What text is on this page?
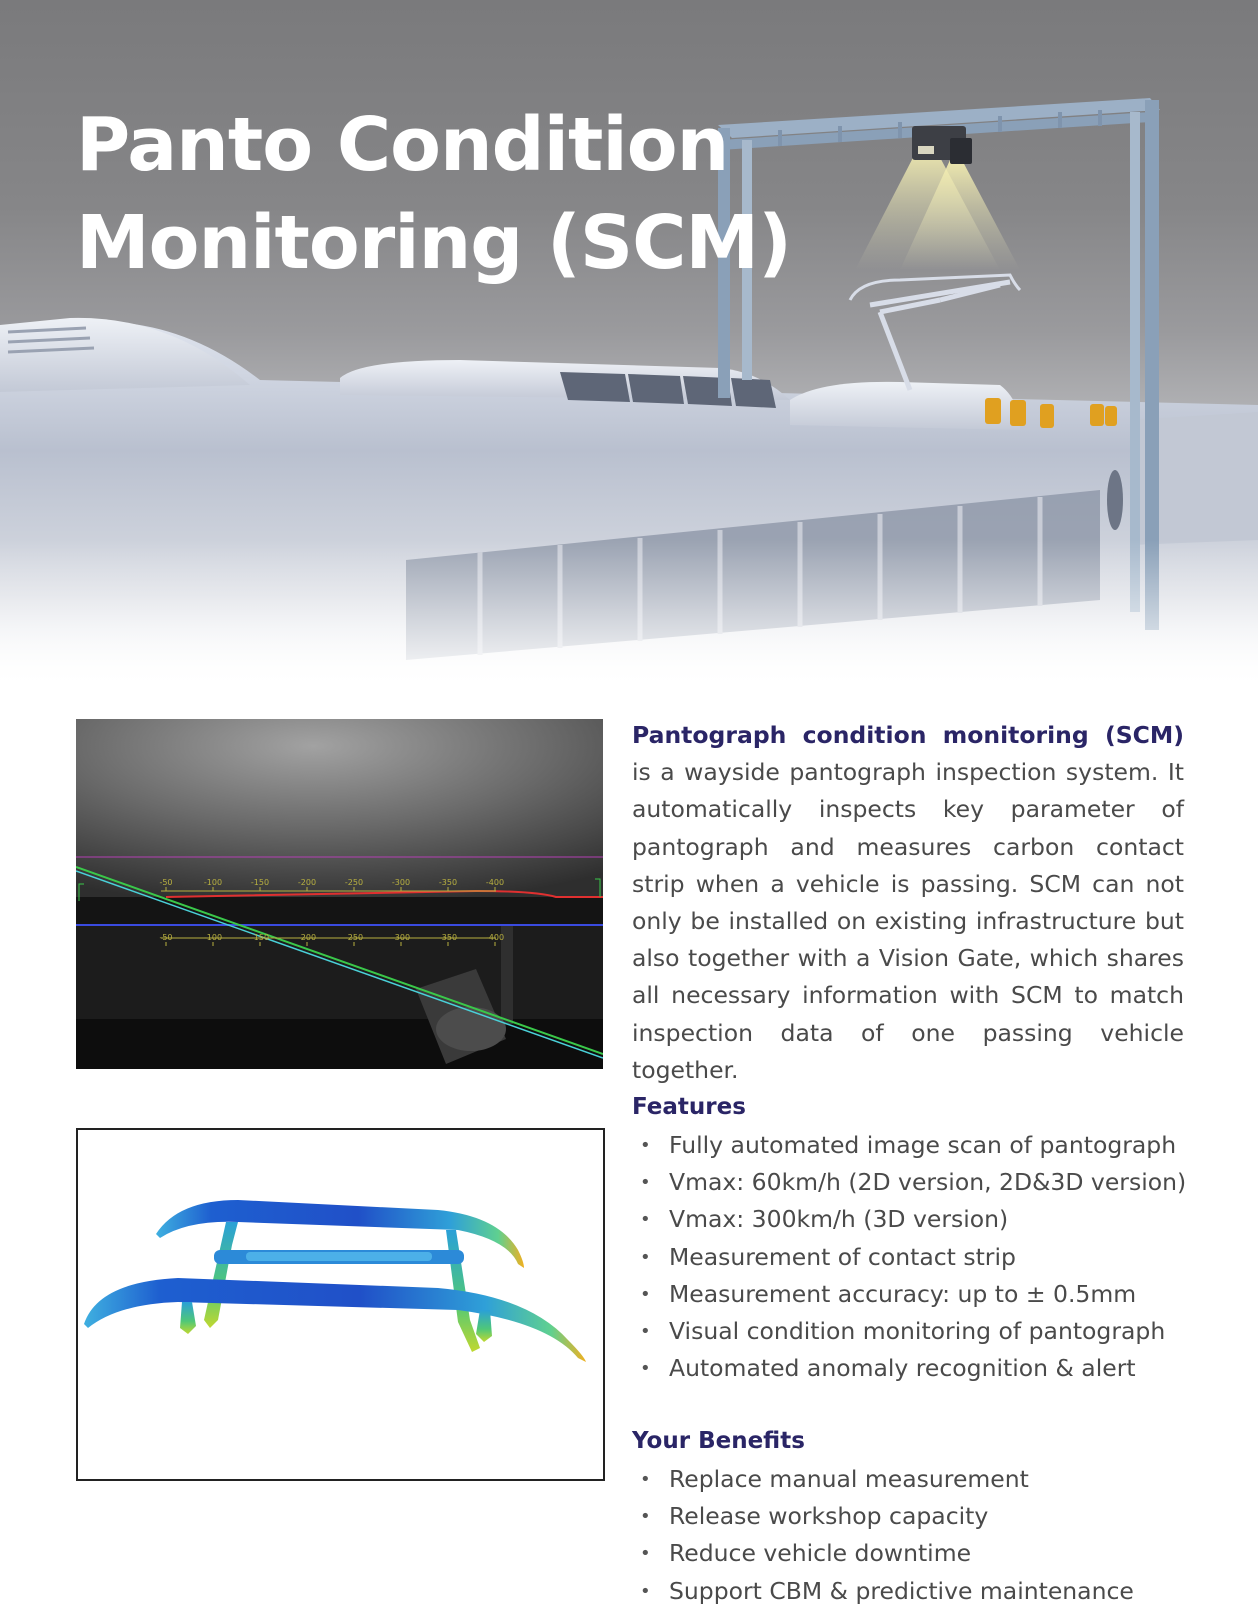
Panto Condition
Monitoring (SCM)
-50	-100	-150	-200	-250	-300	-350	-400
-50	-100	-150	-200	-250	-300	-350	-400

Pantograph condition monitoring (SCM) is a wayside pantograph inspection system. It automatically inspects key parameter of pantograph and measures carbon contact strip when a vehicle is passing. SCM can not only be installed on existing infrastructure but also together with a Vision Gate, which shares all necessary information with SCM to match inspection data of one passing vehicle together.

Features
• Fully automated image scan of pantograph
• Vmax: 60km/h (2D version, 2D&3D version)
• Vmax: 300km/h (3D version)
• Measurement of contact strip
• Measurement accuracy: up to ± 0.5mm
• Visual condition monitoring of pantograph
• Automated anomaly recognition & alert
Your Benefits
• Replace manual measurement
• Release workshop capacity
• Reduce vehicle downtime
• Support CBM & predictive maintenance
